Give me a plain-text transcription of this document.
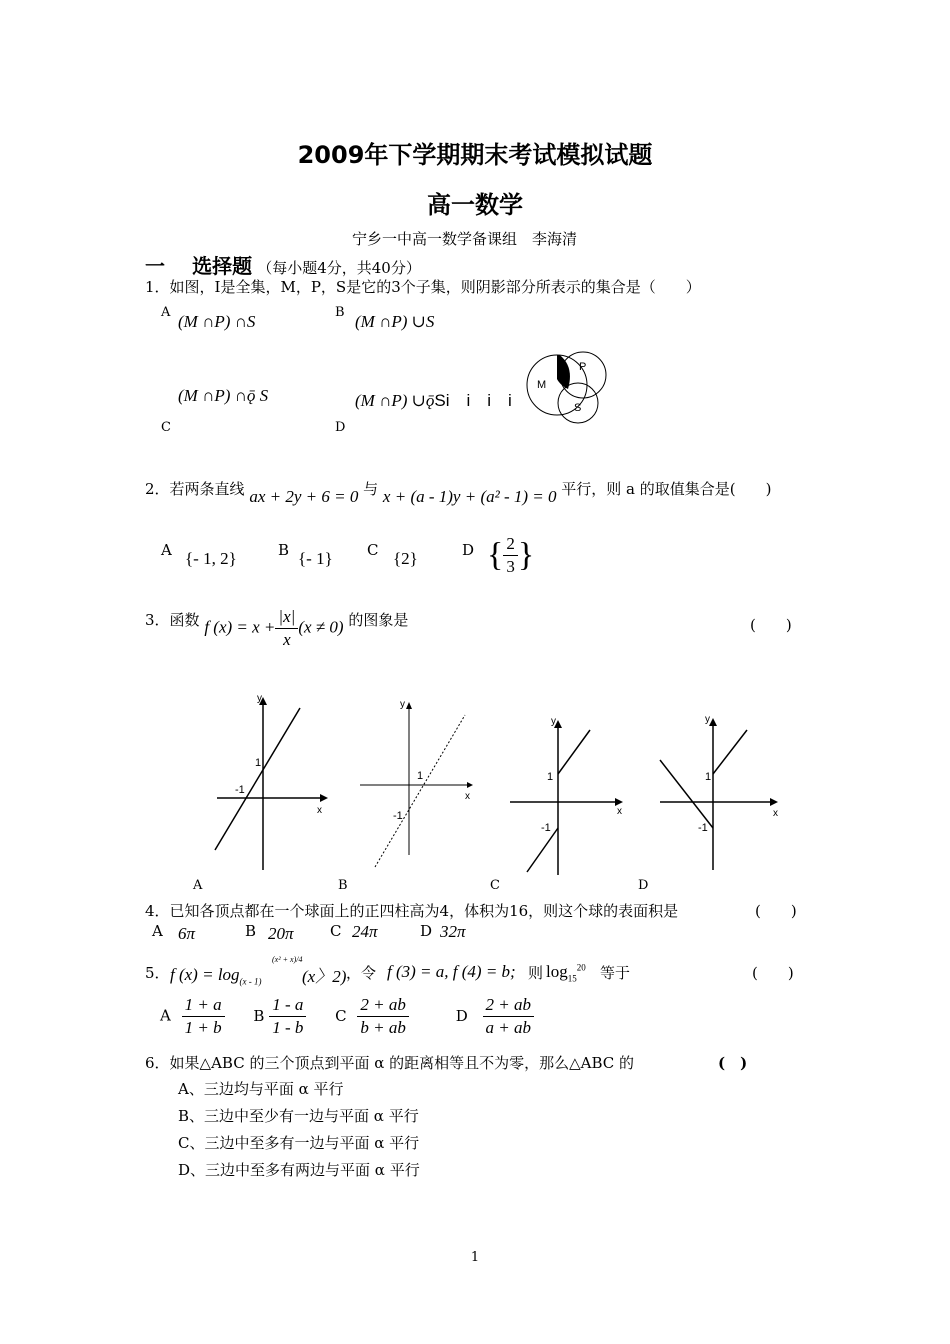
2009年下学期期末考试模拟试题
高一数学
宁乡一中高一数学备课组　李海清
一 选择题 （每小题4分，共40分）
1．如图，I是全集，M，P，S是它的3个子集，则阴影部分所表示的集合是（　　）
A (M ∩P) ∩S	B (M ∩P) ∪S
(M ∩P) ∩ǭ S	(M ∩P) ∪ǭSi　i　i　i
C	D
M
P
S
2．若两条直线 ax + 2y + 6 = 0 与 x + (a - 1)y + (a² - 1) = 0 平行，则 a 的取值集合是(　　)
A {- 1, 2}	B {- 1} C {2}	D { $\frac{2}{3}$ }
3．函数 f $(x) = x + \frac{|x|}{x} (x \ne 0)$ 的图象是	(　　)
y
x
1
-1
y
x
1
-1
y
x
1
-1
y
x
1
-1
A	B	C	D
4．已知各顶点都在一个球面上的正四柱高为4，体积为16，则这个球的表面积是	(　　)
A 6π	B 20π C 24π	D 32π
5． f $(x) = \log_{(x - 1)}$
(x² + x)/4
(x〉2) ，令 f (3) = a, f (4) = b; 则 $\log_{15}^{20}$ 等于	(　　)
A $\frac{1 + a}{1 + b}$ B $\frac{1 - a}{1 - b}$ C $\frac{2 + ab}{b + ab}$	D $\frac{2 + ab}{a + ab}$
6．如果△ABC 的三个顶点到平面 α 的距离相等且不为零，那么△ABC 的	(　)
A、三边均与平面 α 平行
B、三边中至少有一边与平面 α 平行
C、三边中至多有一边与平面 α 平行
D、三边中至多有两边与平面 α 平行
1
